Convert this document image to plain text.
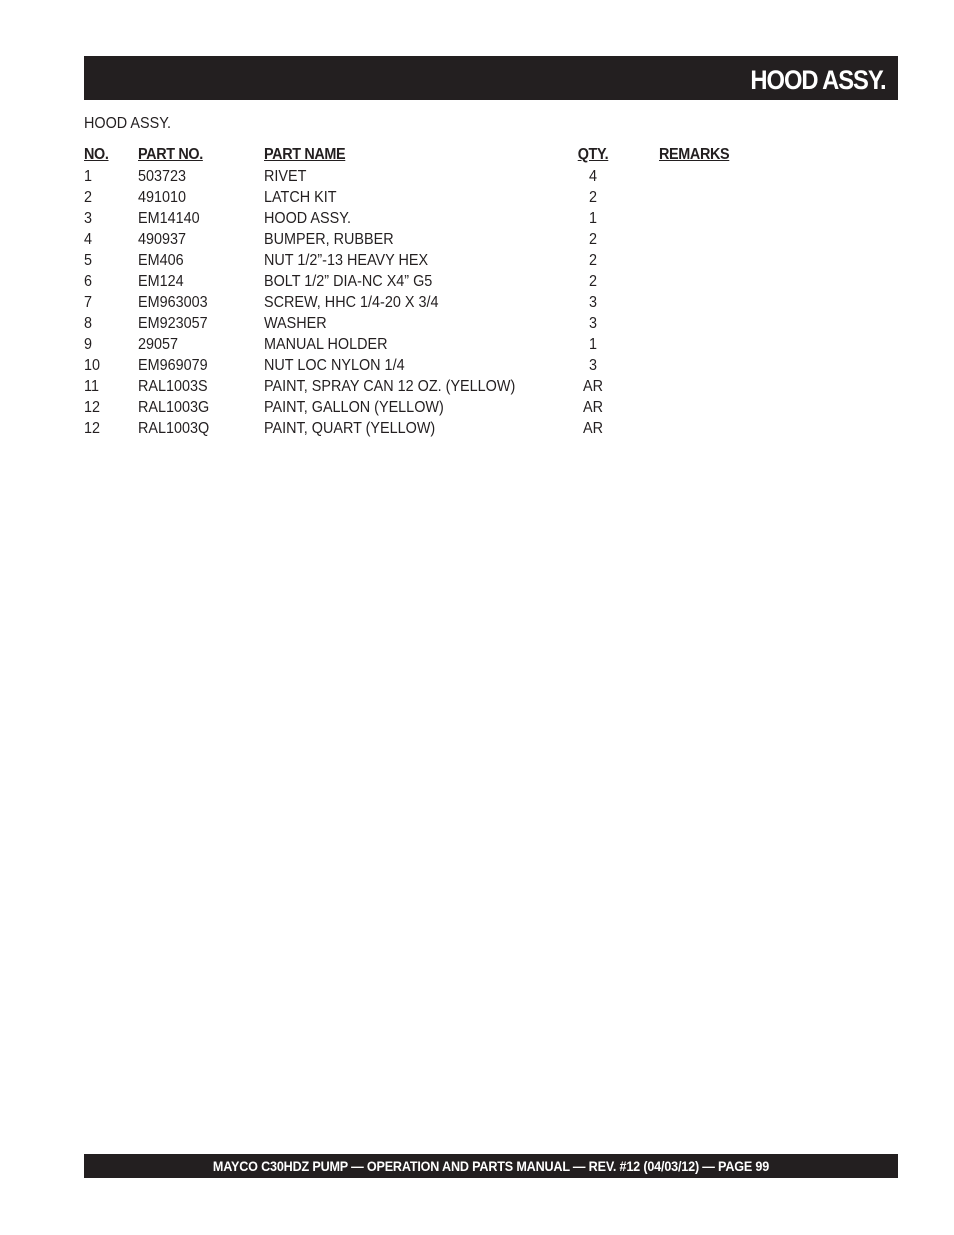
HOOD ASSY.
HOOD ASSY.
NO. PART NO.	PART NAME	QTY.	REMARKS
1	503723	RIVET	4
2	491010	LATCH KIT	2
3	EM14140	HOOD ASSY.	1
4	490937	BUMPER, RUBBER	2
5	EM406	NUT 1/2”-13 HEAVY HEX	2
6	EM124	BOLT 1/2” DIA-NC X4” G5	2
7	EM963003	SCREW, HHC 1/4-20 X 3/4	3
8	EM923057	WASHER	3
9	29057	MANUAL HOLDER	1
10 EM969079	NUT LOC NYLON 1/4	3
11 RAL1003S	PAINT, SPRAY CAN 12 OZ. (YELLOW)	AR
12 RAL1003G	PAINT, GALLON (YELLOW)	AR
12 RAL1003Q	PAINT, QUART (YELLOW)	AR
MAYCO C30HDZ PUMP — OPERATION AND PARTS MANUAL — REV. #12 (04/03/12) — PAGE 99
